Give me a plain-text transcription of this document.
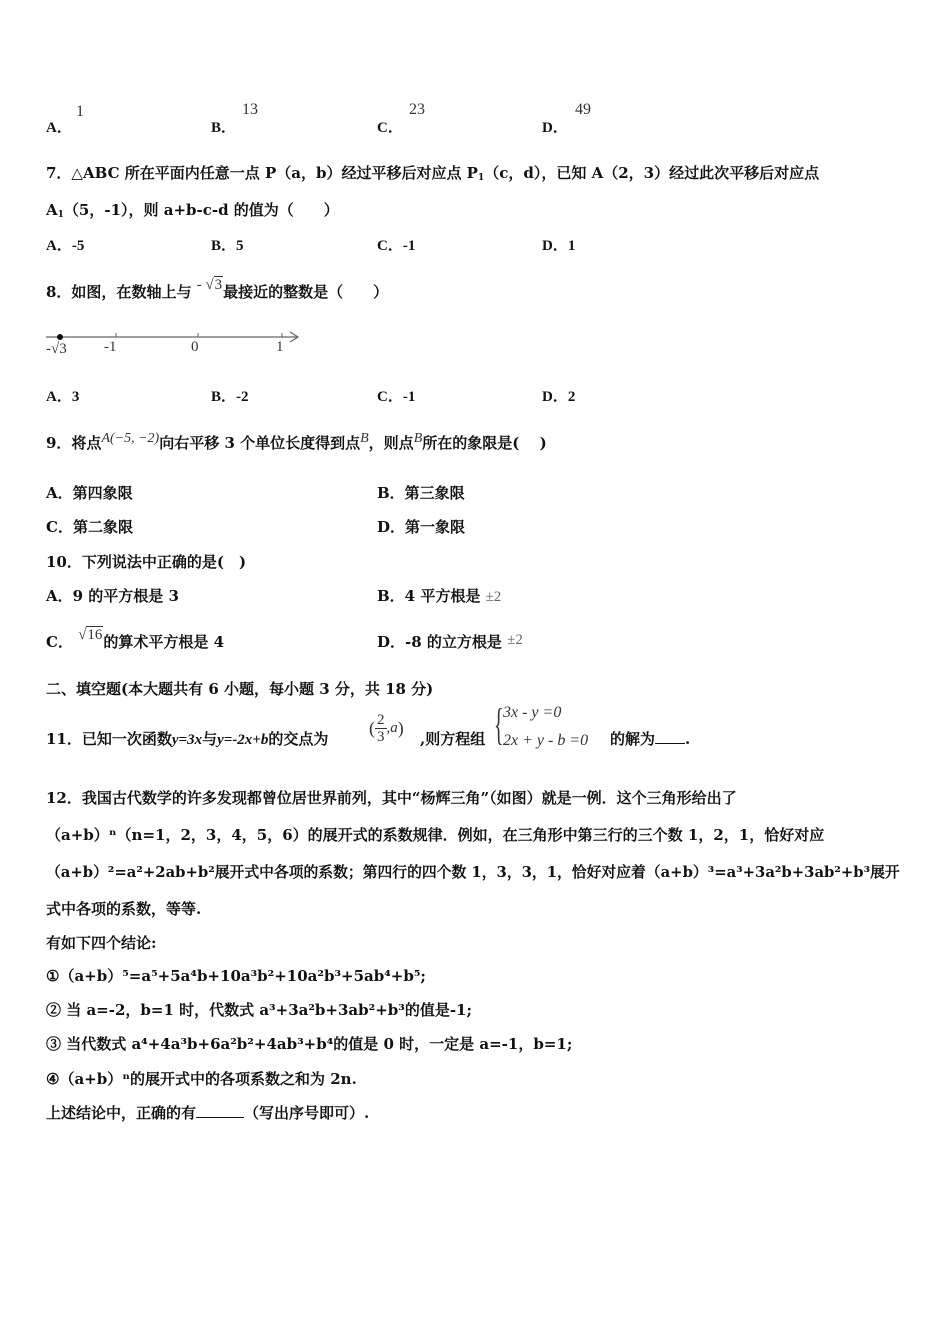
A．
1
B．
13
C．
23
D．
49
7．△ABC 所在平面内任意一点 P（a，b）经过平移后对应点 $P_1(c$，d），已知 A（2，3）经过此次平移后对应点
$A_1(5$，-1），则 a+b-c-d 的值为（　　）
A．-5	B．5	C．-1	D．1
8．如图，在数轴上与 - √3最接近的整数是（　　）
-√3 -1	0	1
A．3	B．-2	C．-1	D．2
9．将点A(−5, −2)向右平移 3 个单位长度得到点B，则点B所在的象限是(　 )
A．第四象限	B．第三象限
C．第二象限	D．第一象限
10．下列说法中正确的是(　)
A．9 的平方根是 3	B．4 平方根是 ±2
C． √16的算术平方根是 4	D．-8 的立方根是 ±2
二、填空题(本大题共有 6 小题，每小题 3 分，共 18 分)
11．已知一次函数y=3x与y=-2x+b的交点为
( $\frac{2}{3} ,a$)
,则方程组 { 3x - y =0
2x + y - b =0 的解为 .
12．我国古代数学的许多发现都曾位居世界前列，其中“杨辉三角”（如图）就是一例．这个三角形给出了
（a+b）ⁿ（n=1，2，3，4，5，6）的展开式的系数规律．例如，在三角形中第三行的三个数 1，2，1，恰好对应
（a+b）²=a²+2ab+b²展开式中各项的系数；第四行的四个数 1，3，3，1，恰好对应着（a+b）³=a³+3a²b+3ab²+b³展开
式中各项的系数，等等.
有如下四个结论:
①（a+b）⁵=a⁵+5a⁴b+10a³b²+10a²b³+5ab⁴+b⁵;
② 当 a=-2，b=1 时，代数式 a³+3a²b+3ab²+b³的值是-1;
③ 当代数式 a⁴+4a³b+6a²b²+4ab³+b⁴的值是 0 时，一定是 a=-1，b=1;
④（a+b）ⁿ的展开式中的各项系数之和为 2n.
上述结论中，正确的有	（写出序号即可）.
